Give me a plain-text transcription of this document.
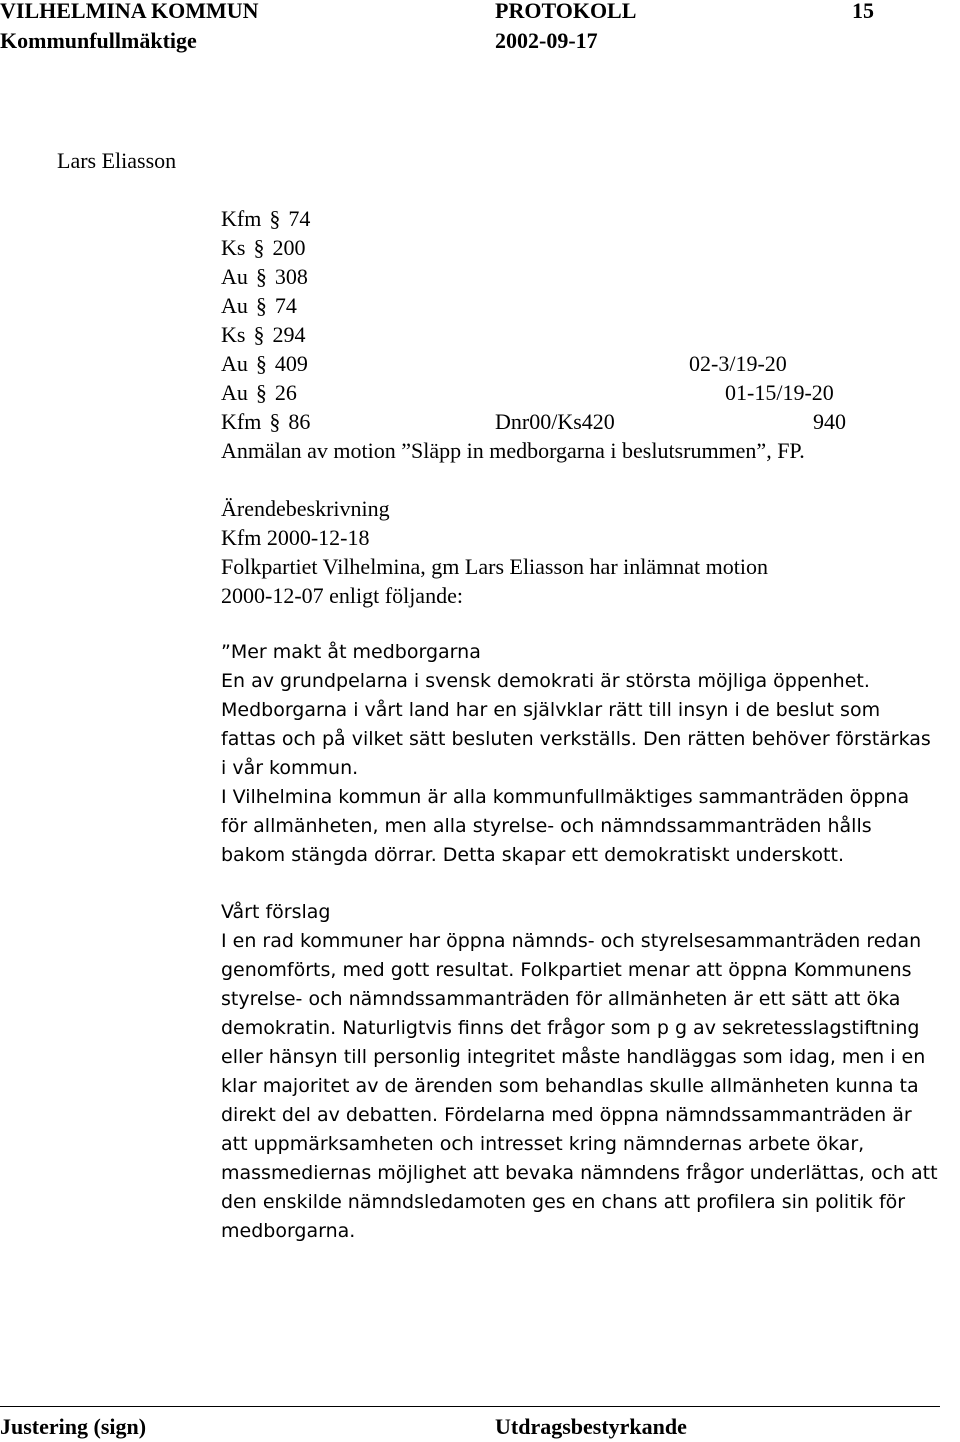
VILHELMINA KOMMUN	PROTOKOLL	15
Kommunfullmäktige	2002-09-17
Lars Eliasson
Kfm § 74
Ks § 200
Au § 308
Au § 74
Ks § 294
Au § 409	02-3/19-20
Au § 26	01-15/19-20
Kfm § 86	Dnr00/Ks420	940
Anmälan av motion ”Släpp in medborgarna i beslutsrummen”, FP.
Ärendebeskrivning
Kfm 2000-12-18
Folkpartiet Vilhelmina, gm Lars Eliasson har inlämnat motion
2000-12-07 enligt följande:
”Mer makt åt medborgarna
En av grundpelarna i svensk demokrati är största möjliga öppenhet.
Medborgarna i vårt land har en självklar rätt till insyn i de beslut som
fattas och på vilket sätt besluten verkställs. Den rätten behöver förstärkas
i vår kommun.
I Vilhelmina kommun är alla kommunfullmäktiges sammanträden öppna
för allmänheten, men alla styrelse- och nämndssammanträden hålls
bakom stängda dörrar. Detta skapar ett demokratiskt underskott.
Vårt förslag
I en rad kommuner har öppna nämnds- och styrelsesammanträden redan
genomförts, med gott resultat. Folkpartiet menar att öppna Kommunens
styrelse- och nämndssammanträden för allmänheten är ett sätt att öka
demokratin. Naturligtvis finns det frågor som p g av sekretesslagstiftning
eller hänsyn till personlig integritet måste handläggas som idag, men i en
klar majoritet av de ärenden som behandlas skulle allmänheten kunna ta
direkt del av debatten. Fördelarna med öppna nämndssammanträden är
att uppmärksamheten och intresset kring nämndernas arbete ökar,
massmediernas möjlighet att bevaka nämndens frågor underlättas, och att
den enskilde nämndsledamoten ges en chans att profilera sin politik för
medborgarna.
Justering (sign)	Utdragsbestyrkande
